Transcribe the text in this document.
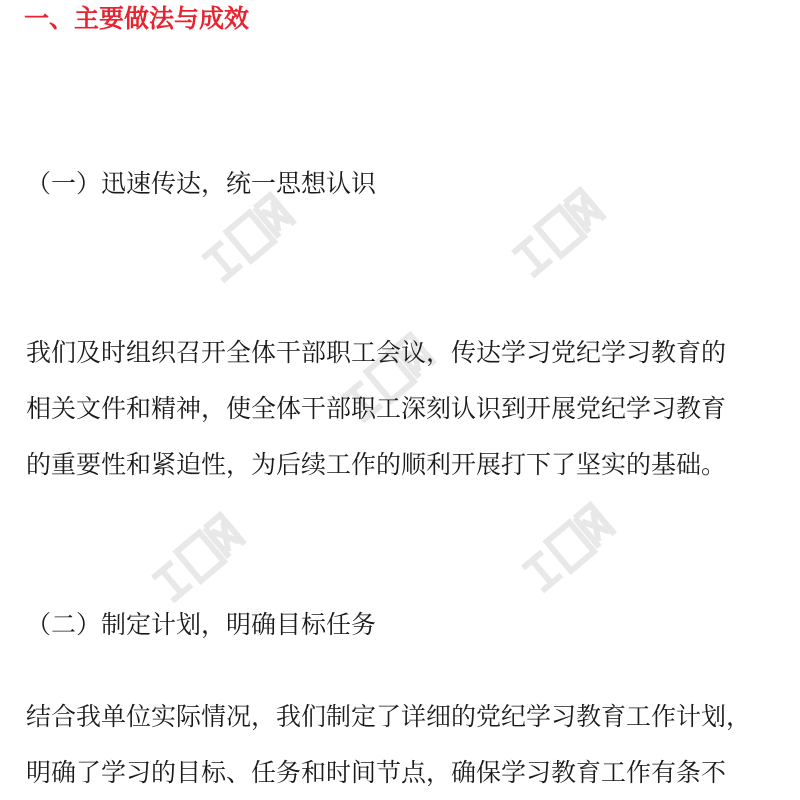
一、主要做法与成效
（一）迅速传达，统一思想认识
我们及时组织召开全体干部职工会议，传达学习党纪学习教育的
相关文件和精神，使全体干部职工深刻认识到开展党纪学习教育
的重要性和紧迫性，为后续工作的顺利开展打下了坚实的基础。
（二）制定计划，明确目标任务
结合我单位实际情况，我们制定了详细的党纪学习教育工作计划，
明确了学习的目标、任务和时间节点，确保学习教育工作有条不
